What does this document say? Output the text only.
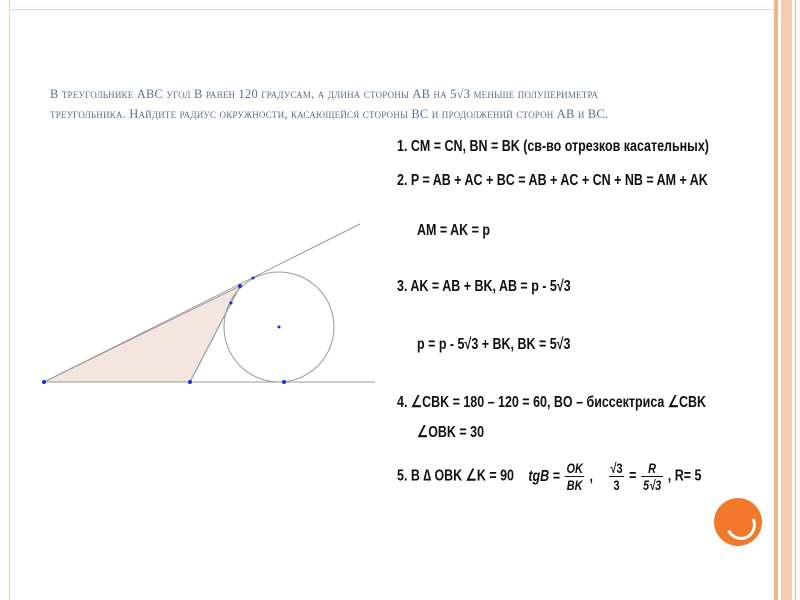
В треугольнике ABC угол B равен 120 градусам, а длина стороны AB на 5√3 меньше полупериметра
треугольника. Найдите радиус окружности, касающейся стороны BC и продолжений сторон AB и BC.
1. CM = CN, BN = BK (св-во отрезков касательных)
2. P = AB + AC + BC = AB + AC + CN + NB = AM + AK
AM = AK = p
3. AK = AB + BK, AB = p - 5√3
p = p - 5√3 + BK, BK = 5√3
4. ∠CBK = 180 – 120 = 60, BO – биссектриса ∠CBK
∠OBK = 30
5. В ∆ OBK ∠K = 90 tgB = $\frac{OK}{BK}$ , $\frac{√3}{3} = \frac{R}{5√3}$ , R= 5
